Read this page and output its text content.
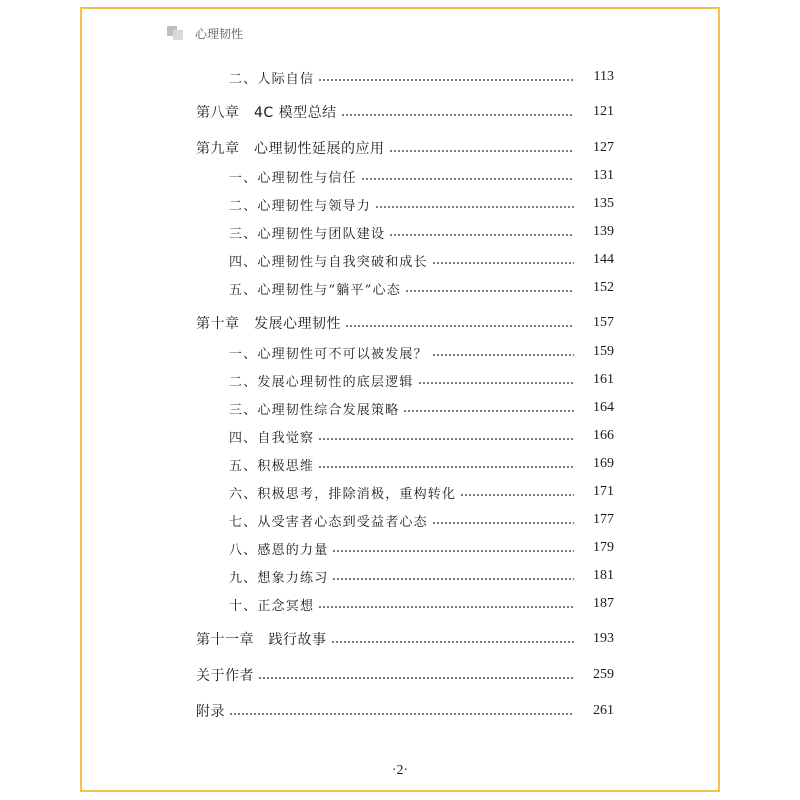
心理韧性
二、人际自信	113
第八章　4C 模型总结	121
第九章　心理韧性延展的应用	127
一、心理韧性与信任	131
二、心理韧性与领导力	135
三、心理韧性与团队建设	139
四、心理韧性与自我突破和成长	144
五、心理韧性与“躺平”心态	152
第十章　发展心理韧性	157
一、心理韧性可不可以被发展？	159
二、发展心理韧性的底层逻辑	161
三、心理韧性综合发展策略	164
四、自我觉察	166
五、积极思维	169
六、积极思考，排除消极，重构转化	171
七、从受害者心态到受益者心态	177
八、感恩的力量	179
九、想象力练习	181
十、正念冥想	187
第十一章　践行故事	193
关于作者	259
附录	261
·2·
